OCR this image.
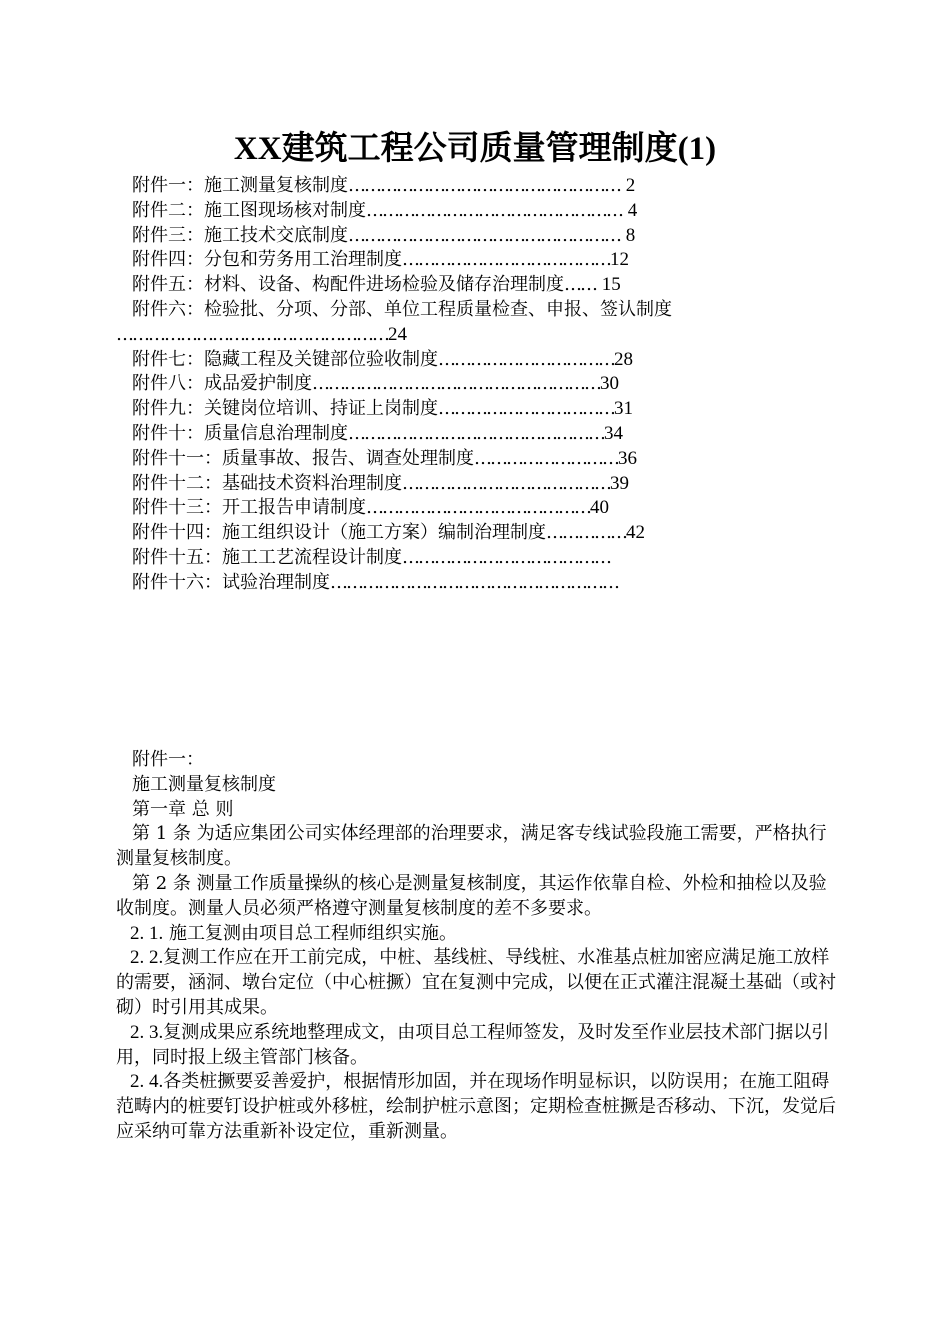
XX建筑工程公司质量管理制度(1)
附件一：施工测量复核制度…………………………………………… 2
附件二：施工图现场核对制度………………………………………… 4
附件三：施工技术交底制度…………………………………………… 8
附件四：分包和劳务用工治理制度…………………………………12
附件五：材料、设备、构配件进场检验及储存治理制度…… 15
附件六：检验批、分项、分部、单位工程质量检查、申报、签认制度
……………………………………………24
附件七：隐藏工程及关键部位验收制度……………………………28
附件八：成品爱护制度………………………………………………30
附件九：关键岗位培训、持证上岗制度……………………………31
附件十：质量信息治理制度…………………………………………34
附件十一：质量事故、报告、调查处理制度………………………36
附件十二：基础技术资料治理制度…………………………………39
附件十三：开工报告申请制度……………………………………40
附件十四：施工组织设计（施工方案）编制治理制度……………42
附件十五：施工工艺流程设计制度…………………………………
附件十六：试验治理制度………………………………………………

附件一：

施工测量复核制度

第一章 总 则

第 1 条 为适应集团公司实体经理部的治理要求，满足客专线试验段施工需要，严格执行测量复核制度。

第 2 条 测量工作质量操纵的核心是测量复核制度，其运作依靠自检、外检和抽检以及验收制度。测量人员必须严格遵守测量复核制度的差不多要求。

2. 1. 施工复测由项目总工程师组织实施。

2. 2.复测工作应在开工前完成，中桩、基线桩、导线桩、水准基点桩加密应满足施工放样的需要，涵洞、墩台定位（中心桩撅）宜在复测中完成，以便在正式灌注混凝土基础（或衬砌）时引用其成果。

2. 3.复测成果应系统地整理成文，由项目总工程师签发，及时发至作业层技术部门据以引用，同时报上级主管部门核备。

2. 4.各类桩撅要妥善爱护，根据情形加固，并在现场作明显标识，以防误用；在施工阻碍范畴内的桩要钉设护桩或外移桩，绘制护桩示意图；定期检查桩撅是否移动、下沉，发觉后应采纳可靠方法重新补设定位，重新测量。
